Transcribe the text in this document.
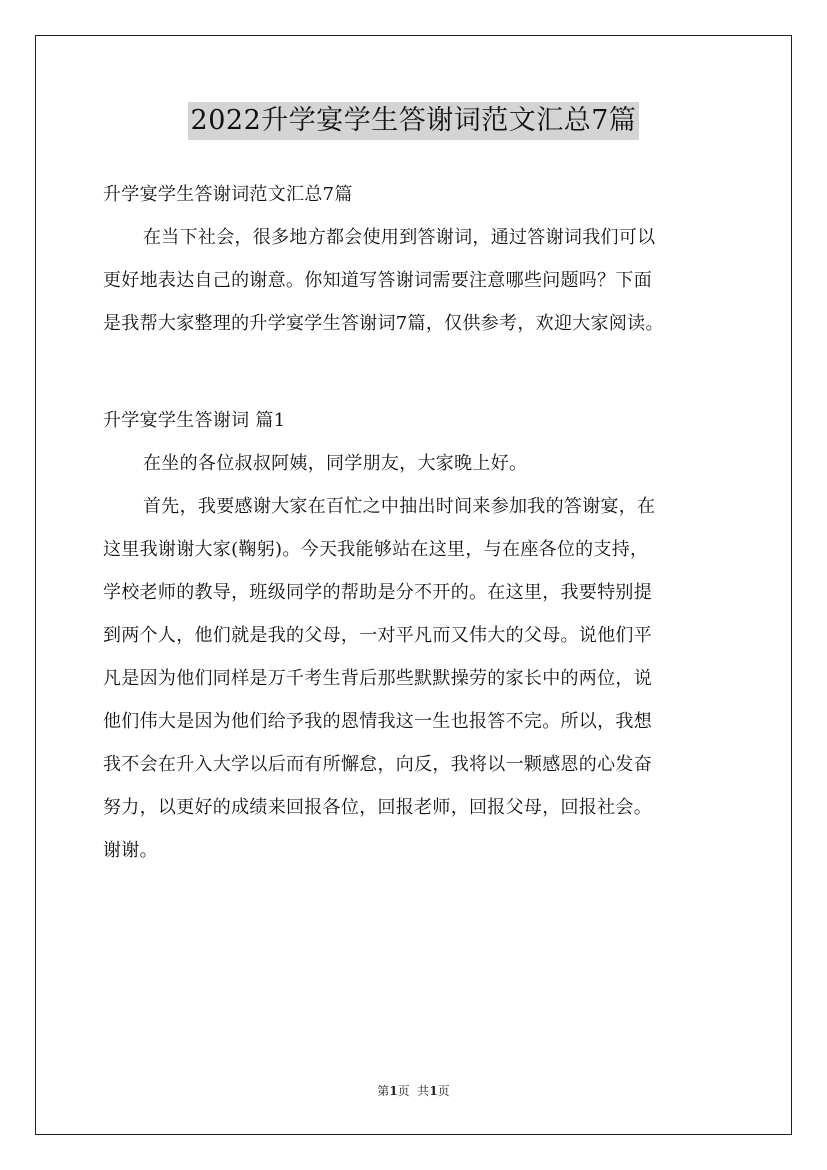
2022升学宴学生答谢词范文汇总7篇
升学宴学生答谢词范文汇总7篇
在当下社会，很多地方都会使用到答谢词，通过答谢词我们可以
更好地表达自己的谢意。你知道写答谢词需要注意哪些问题吗？下面
是我帮大家整理的升学宴学生答谢词7篇，仅供参考，欢迎大家阅读。
升学宴学生答谢词 篇1
在坐的各位叔叔阿姨，同学朋友，大家晚上好。
首先，我要感谢大家在百忙之中抽出时间来参加我的答谢宴，在
这里我谢谢大家(鞠躬)。今天我能够站在这里，与在座各位的支持，
学校老师的教导，班级同学的帮助是分不开的。在这里，我要特别提
到两个人，他们就是我的父母，一对平凡而又伟大的父母。说他们平
凡是因为他们同样是万千考生背后那些默默操劳的家长中的两位，说
他们伟大是因为他们给予我的恩情我这一生也报答不完。所以，我想
我不会在升入大学以后而有所懈怠，向反，我将以一颗感恩的心发奋
努力，以更好的成绩来回报各位，回报老师，回报父母，回报社会。
谢谢。
第1页  共1页
